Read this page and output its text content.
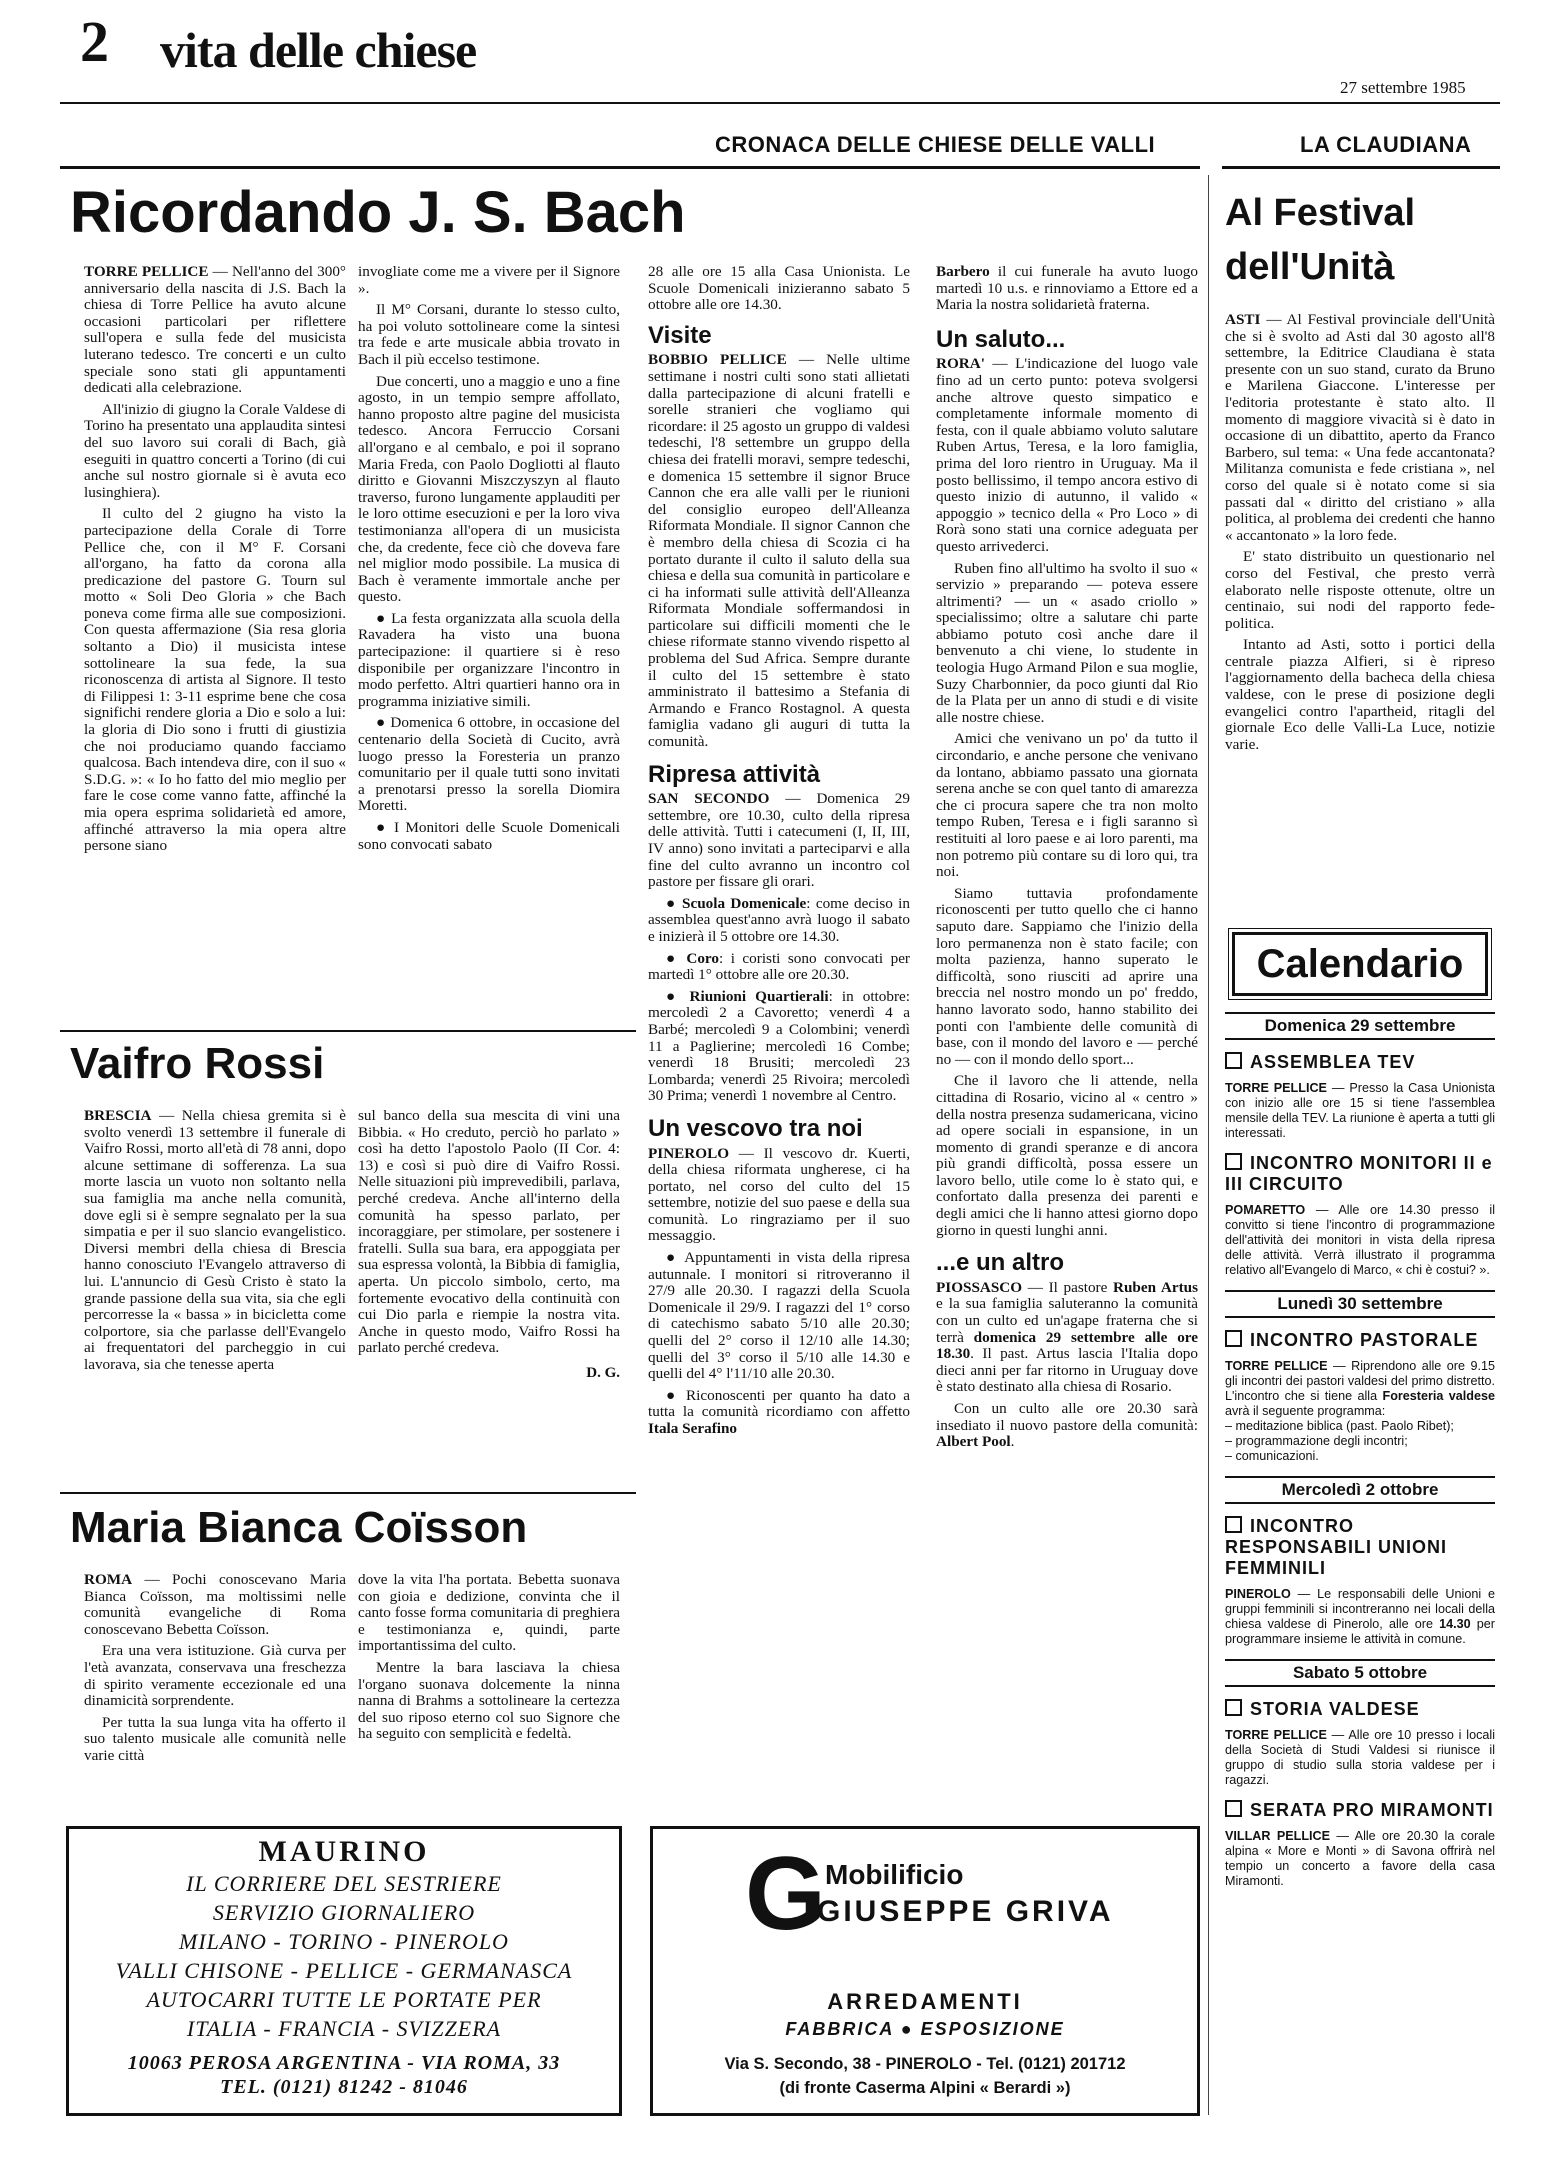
2 vita delle chiese
27 settembre 1985
CRONACA DELLE CHIESE DELLE VALLI	LA CLAUDIANA
Ricordando J. S. Bach

TORRE PELLICE — Nell'anno del 300° anniversario della nascita di J.S. Bach la chiesa di Torre Pellice ha avuto alcune occasioni particolari per riflettere sull'opera e sulla fede del musicista luterano tedesco. Tre concerti e un culto speciale sono stati gli appuntamenti dedicati alla celebrazione.

All'inizio di giugno la Corale Valdese di Torino ha presentato una applaudita sintesi del suo lavoro sui corali di Bach, già eseguiti in quattro concerti a Torino (di cui anche sul nostro giornale si è avuta eco lusinghiera).

Il culto del 2 giugno ha visto la partecipazione della Corale di Torre Pellice che, con il M° F. Corsani all'organo, ha fatto da corona alla predicazione del pastore G. Tourn sul motto « Soli Deo Gloria » che Bach poneva come firma alle sue composizioni. Con questa affermazione (Sia resa gloria soltanto a Dio) il musicista intese sottolineare la sua fede, la sua riconoscenza di artista al Signore. Il testo di Filippesi 1: 3-11 esprime bene che cosa significhi rendere gloria a Dio e solo a lui: la gloria di Dio sono i frutti di giustizia che noi produciamo quando facciamo qualcosa. Bach intendeva dire, con il suo « S.D.G. »: « Io ho fatto del mio meglio per fare le cose come vanno fatte, affinché la mia opera esprima solidarietà ed amore, affinché attraverso la mia opera altre persone siano

invogliate come me a vivere per il Signore ».

Il M° Corsani, durante lo stesso culto, ha poi voluto sottolineare come la sintesi tra fede e arte musicale abbia trovato in Bach il più eccelso testimone.

Due concerti, uno a maggio e uno a fine agosto, in un tempio sempre affollato, hanno proposto altre pagine del musicista tedesco. Ancora Ferruccio Corsani all'organo e al cembalo, e poi il soprano Maria Freda, con Paolo Dogliotti al flauto diritto e Giovanni Miszczyszyn al flauto traverso, furono lungamente applauditi per le loro ottime esecuzioni e per la loro viva testimonianza all'opera di un musicista che, da credente, fece ciò che doveva fare nel miglior modo possibile. La musica di Bach è veramente immortale anche per questo.

● La festa organizzata alla scuola della Ravadera ha visto una buona partecipazione: il quartiere si è reso disponibile per organizzare l'incontro in modo perfetto. Altri quartieri hanno ora in programma iniziative simili.

● Domenica 6 ottobre, in occasione del centenario della Società di Cucito, avrà luogo presso la Foresteria un pranzo comunitario per il quale tutti sono invitati a prenotarsi presso la sorella Diomira Moretti.

● I Monitori delle Scuole Domenicali sono convocati sabato

28 alle ore 15 alla Casa Unionista. Le Scuole Domenicali inizieranno sabato 5 ottobre alle ore 14.30.

Visite

BOBBIO PELLICE — Nelle ultime settimane i nostri culti sono stati allietati dalla partecipazione di alcuni fratelli e sorelle stranieri che vogliamo qui ricordare: il 25 agosto un gruppo di valdesi tedeschi, l'8 settembre un gruppo della chiesa dei fratelli moravi, sempre tedeschi, e domenica 15 settembre il signor Bruce Cannon che era alle valli per le riunioni del consiglio europeo dell'Alleanza Riformata Mondiale. Il signor Cannon che è membro della chiesa di Scozia ci ha portato durante il culto il saluto della sua chiesa e della sua comunità in particolare e ci ha informati sulle attività dell'Alleanza Riformata Mondiale soffermandosi in particolare sui difficili momenti che le chiese riformate stanno vivendo rispetto al problema del Sud Africa. Sempre durante il culto del 15 settembre è stato amministrato il battesimo a Stefania di Armando e Franco Rostagnol. A questa famiglia vadano gli auguri di tutta la comunità.

Ripresa attività

SAN SECONDO — Domenica 29 settembre, ore 10.30, culto della ripresa delle attività. Tutti i catecumeni (I, II, III, IV anno) sono invitati a parteciparvi e alla fine del culto avranno un incontro col pastore per fissare gli orari.

● Scuola Domenicale: come deciso in assemblea quest'anno avrà luogo il sabato e inizierà il 5 ottobre ore 14.30.

● Coro: i coristi sono convocati per martedì 1° ottobre alle ore 20.30.

● Riunioni Quartierali: in ottobre: mercoledì 2 a Cavoretto; venerdì 4 a Barbé; mercoledì 9 a Colombini; venerdì 11 a Paglierine; mercoledì 16 Combe; venerdì 18 Brusiti; mercoledì 23 Lombarda; venerdì 25 Rivoira; mercoledì 30 Prima; venerdì 1 novembre al Centro.

Un vescovo tra noi

PINEROLO — Il vescovo dr. Kuerti, della chiesa riformata ungherese, ci ha portato, nel corso del culto del 15 settembre, notizie del suo paese e della sua comunità. Lo ringraziamo per il suo messaggio.

● Appuntamenti in vista della ripresa autunnale. I monitori si ritroveranno il 27/9 alle 20.30. I ragazzi della Scuola Domenicale il 29/9. I ragazzi del 1° corso di catechismo sabato 5/10 alle 20.30; quelli del 2° corso il 12/10 alle 14.30; quelli del 3° corso il 5/10 alle 14.30 e quelli del 4° l'11/10 alle 20.30.

● Riconoscenti per quanto ha dato a tutta la comunità ricordiamo con affetto Itala Serafino

Barbero il cui funerale ha avuto luogo martedì 10 u.s. e rinnoviamo a Ettore ed a Maria la nostra solidarietà fraterna.

Un saluto...

RORA' — L'indicazione del luogo vale fino ad un certo punto: poteva svolgersi anche altrove questo simpatico e completamente informale momento di festa, con il quale abbiamo voluto salutare Ruben Artus, Teresa, e la loro famiglia, prima del loro rientro in Uruguay. Ma il posto bellissimo, il tempo ancora estivo di questo inizio di autunno, il valido « appoggio » tecnico della « Pro Loco » di Rorà sono stati una cornice adeguata per questo arrivederci.

Ruben fino all'ultimo ha svolto il suo « servizio » preparando — poteva essere altrimenti? — un « asado criollo » specialissimo; oltre a salutare chi parte abbiamo potuto così anche dare il benvenuto a chi viene, lo studente in teologia Hugo Armand Pilon e sua moglie, Suzy Charbonnier, da poco giunti dal Rio de la Plata per un anno di studi e di visite alle nostre chiese.

Amici che venivano un po' da tutto il circondario, e anche persone che venivano da lontano, abbiamo passato una giornata serena anche se con quel tanto di amarezza che ci procura sapere che tra non molto tempo Ruben, Teresa e i figli saranno sì restituiti al loro paese e ai loro parenti, ma non potremo più contare su di loro qui, tra noi.

Siamo tuttavia profondamente riconoscenti per tutto quello che ci hanno saputo dare. Sappiamo che l'inizio della loro permanenza non è stato facile; con molta pazienza, hanno superato le difficoltà, sono riusciti ad aprire una breccia nel nostro mondo un po' freddo, hanno lavorato sodo, hanno stabilito dei ponti con l'ambiente delle comunità di base, con il mondo del lavoro e — perché no — con il mondo dello sport...

Che il lavoro che li attende, nella cittadina di Rosario, vicino al « centro » della nostra presenza sudamericana, vicino ad opere sociali in espansione, in un momento di grandi speranze e di ancora più grandi difficoltà, possa essere un lavoro bello, utile come lo è stato qui, e confortato dalla presenza dei parenti e degli amici che li hanno attesi giorno dopo giorno in questi lunghi anni.

...e un altro

PIOSSASCO — Il pastore Ruben Artus e la sua famiglia saluteranno la comunità con un culto ed un'agape fraterna che si terrà domenica 29 settembre alle ore 18.30. Il past. Artus lascia l'Italia dopo dieci anni per far ritorno in Uruguay dove è stato destinato alla chiesa di Rosario.

Con un culto alle ore 20.30 sarà insediato il nuovo pastore della comunità: Albert Pool.

Vaifro Rossi

BRESCIA — Nella chiesa gremita si è svolto venerdì 13 settembre il funerale di Vaifro Rossi, morto all'età di 78 anni, dopo alcune settimane di sofferenza. La sua morte lascia un vuoto non soltanto nella sua famiglia ma anche nella comunità, dove egli si è sempre segnalato per la sua simpatia e per il suo slancio evangelistico. Diversi membri della chiesa di Brescia hanno conosciuto l'Evangelo attraverso di lui. L'annuncio di Gesù Cristo è stato la grande passione della sua vita, sia che egli percorresse la « bassa » in bicicletta come colportore, sia che parlasse dell'Evangelo ai frequentatori del parcheggio in cui lavorava, sia che tenesse aperta

sul banco della sua mescita di vini una Bibbia. « Ho creduto, perciò ho parlato » così ha detto l'apostolo Paolo (II Cor. 4: 13) e così si può dire di Vaifro Rossi. Nelle situazioni più imprevedibili, parlava, perché credeva. Anche all'interno della comunità ha spesso parlato, per incoraggiare, per stimolare, per sostenere i fratelli. Sulla sua bara, era appoggiata per sua espressa volontà, la Bibbia di famiglia, aperta. Un piccolo simbolo, certo, ma fortemente evocativo della continuità con cui Dio parla e riempie la nostra vita. Anche in questo modo, Vaifro Rossi ha parlato perché credeva.

D. G.
Maria Bianca Coïsson

ROMA — Pochi conoscevano Maria Bianca Coïsson, ma moltissimi nelle comunità evangeliche di Roma conoscevano Bebetta Coïsson.

Era una vera istituzione. Già curva per l'età avanzata, conservava una freschezza di spirito veramente eccezionale ed una dinamicità sorprendente.

Per tutta la sua lunga vita ha offerto il suo talento musicale alle comunità nelle varie città

dove la vita l'ha portata. Bebetta suonava con gioia e dedizione, convinta che il canto fosse forma comunitaria di preghiera e testimonianza e, quindi, parte importantissima del culto.

Mentre la bara lasciava la chiesa l'organo suonava dolcemente la ninna nanna di Brahms a sottolineare la certezza del suo riposo eterno col suo Signore che ha seguito con semplicità e fedeltà.

Al Festival
dell'Unità

ASTI — Al Festival provinciale dell'Unità che si è svolto ad Asti dal 30 agosto all'8 settembre, la Editrice Claudiana è stata presente con un suo stand, curato da Bruno e Marilena Giaccone. L'interesse per l'editoria protestante è stato alto. Il momento di maggiore vivacità si è dato in occasione di un dibattito, aperto da Franco Barbero, sul tema: « Una fede accantonata? Militanza comunista e fede cristiana », nel corso del quale si è notato come si sia passati dal « diritto del cristiano » alla politica, al problema dei credenti che hanno « accantonato » la loro fede.

E' stato distribuito un questionario nel corso del Festival, che presto verrà elaborato nelle risposte ottenute, oltre un centinaio, sui nodi del rapporto fede-politica.

Intanto ad Asti, sotto i portici della centrale piazza Alfieri, si è ripreso l'aggiornamento della bacheca della chiesa valdese, con le prese di posizione degli evangelici contro l'apartheid, ritagli del giornale Eco delle Valli-La Luce, notizie varie.

Calendario
Domenica 29 settembre
ASSEMBLEA TEV
TORRE PELLICE — Presso la Casa Unionista con inizio alle ore 15 si tiene l'assemblea mensile della TEV. La riunione è aperta a tutti gli interessati.
INCONTRO MONITORI II e III CIRCUITO
POMARETTO — Alle ore 14.30 presso il convitto si tiene l'incontro di programmazione dell'attività dei monitori in vista della ripresa delle attività. Verrà illustrato il programma relativo all'Evangelo di Marco, « chi è costui? ».
Lunedì 30 settembre
INCONTRO PASTORALE
TORRE PELLICE — Riprendono alle ore 9.15 gli incontri dei pastori valdesi del primo distretto. L'incontro che si tiene alla Foresteria valdese avrà il seguente programma:
– meditazione biblica (past. Paolo Ribet);
– programmazione degli incontri;
– comunicazioni.
Mercoledì 2 ottobre
INCONTRO RESPONSABILI UNIONI FEMMINILI
PINEROLO — Le responsabili delle Unioni e gruppi femminili si incontreranno nei locali della chiesa valdese di Pinerolo, alle ore 14.30 per programmare insieme le attività in comune.
Sabato 5 ottobre
STORIA VALDESE
TORRE PELLICE — Alle ore 10 presso i locali della Società di Studi Valdesi si riunisce il gruppo di studio sulla storia valdese per i ragazzi.
SERATA PRO MIRAMONTI
VILLAR PELLICE — Alle ore 20.30 la corale alpina « More e Monti » di Savona offrirà nel tempio un concerto a favore della casa Miramonti.
MAURINO
IL CORRIERE DEL SESTRIERE
SERVIZIO GIORNALIERO
MILANO - TORINO - PINEROLO
VALLI CHISONE - PELLICE - GERMANASCA
AUTOCARRI TUTTE LE PORTATE PER
ITALIA - FRANCIA - SVIZZERA
10063 PEROSA ARGENTINA - VIA ROMA, 33
TEL. (0121) 81242 - 81046
G Mobilificio
GIUSEPPE GRIVA
ARREDAMENTI
FABBRICA ● ESPOSIZIONE
Via S. Secondo, 38 - PINEROLO - Tel. (0121) 201712
(di fronte Caserma Alpini « Berardi »)
